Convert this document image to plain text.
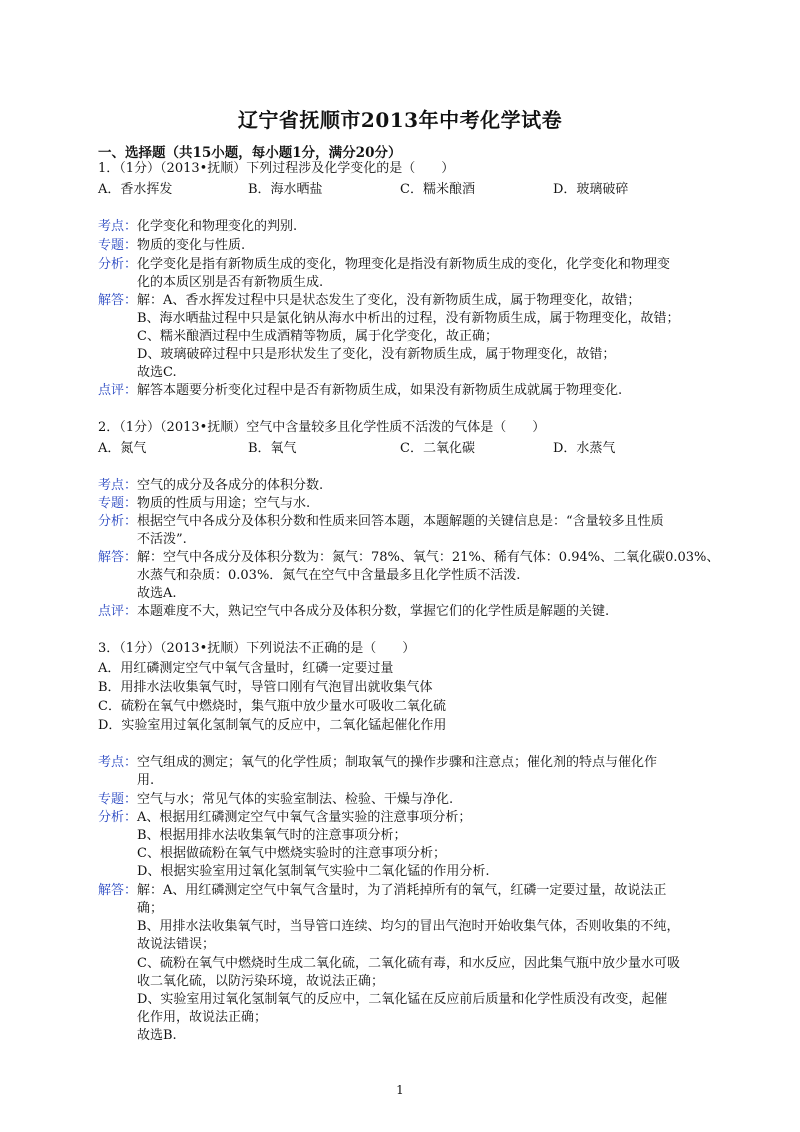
辽宁省抚顺市2013年中考化学试卷
一、选择题（共15小题，每小题1分，满分20分）
1．（1分）（2013•抚顺）下列过程涉及化学变化的是（　　）
A．香水挥发	B．海水晒盐	C．糯米酿酒	D．玻璃破碎
考点：化学变化和物理变化的判别.
专题：物质的变化与性质.
分析：化学变化是指有新物质生成的变化，物理变化是指没有新物质生成的变化，化学变化和物理变
化的本质区别是否有新物质生成.
解答：解：A、香水挥发过程中只是状态发生了变化，没有新物质生成，属于物理变化，故错；
B、海水晒盐过程中只是氯化钠从海水中析出的过程，没有新物质生成，属于物理变化，故错；
C、糯米酿酒过程中生成酒精等物质，属于化学变化，故正确；
D、玻璃破碎过程中只是形状发生了变化，没有新物质生成，属于物理变化，故错；
故选C.
点评：解答本题要分析变化过程中是否有新物质生成，如果没有新物质生成就属于物理变化.
2．（1分）（2013•抚顺）空气中含量较多且化学性质不活泼的气体是（　　）
A．氮气	B．氧气	C．二氧化碳	D．水蒸气
考点：空气的成分及各成分的体积分数.
专题：物质的性质与用途；空气与水.
分析：根据空气中各成分及体积分数和性质来回答本题，本题解题的关键信息是：“含量较多且性质
不活泼”.
解答：解：空气中各成分及体积分数为：氮气：78%、氧气：21%、稀有气体：0.94%、二氧化碳0.03%、
水蒸气和杂质：0.03%．氮气在空气中含量最多且化学性质不活泼.
故选A.
点评：本题难度不大，熟记空气中各成分及体积分数，掌握它们的化学性质是解题的关键.
3．（1分）（2013•抚顺）下列说法不正确的是（　　）
A．用红磷测定空气中氧气含量时，红磷一定要过量
B．用排水法收集氧气时，导管口刚有气泡冒出就收集气体
C．硫粉在氧气中燃烧时，集气瓶中放少量水可吸收二氧化硫
D．实验室用过氧化氢制氧气的反应中，二氧化锰起催化作用
考点：空气组成的测定；氧气的化学性质；制取氧气的操作步骤和注意点；催化剂的特点与催化作
用.
专题：空气与水；常见气体的实验室制法、检验、干燥与净化.
分析：A、根据用红磷测定空气中氧气含量实验的注意事项分析；
B、根据用排水法收集氧气时的注意事项分析；
C、根据做硫粉在氧气中燃烧实验时的注意事项分析；
D、根据实验室用过氧化氢制氧气实验中二氧化锰的作用分析.
解答：解：A、用红磷测定空气中氧气含量时，为了消耗掉所有的氧气，红磷一定要过量，故说法正
确；
B、用排水法收集氧气时，当导管口连续、均匀的冒出气泡时开始收集气体，否则收集的不纯，
故说法错误；
C、硫粉在氧气中燃烧时生成二氧化硫，二氧化硫有毒，和水反应，因此集气瓶中放少量水可吸
收二氧化硫，以防污染环境，故说法正确；
D、实验室用过氧化氢制氧气的反应中，二氧化锰在反应前后质量和化学性质没有改变，起催
化作用，故说法正确；
故选B.
1
